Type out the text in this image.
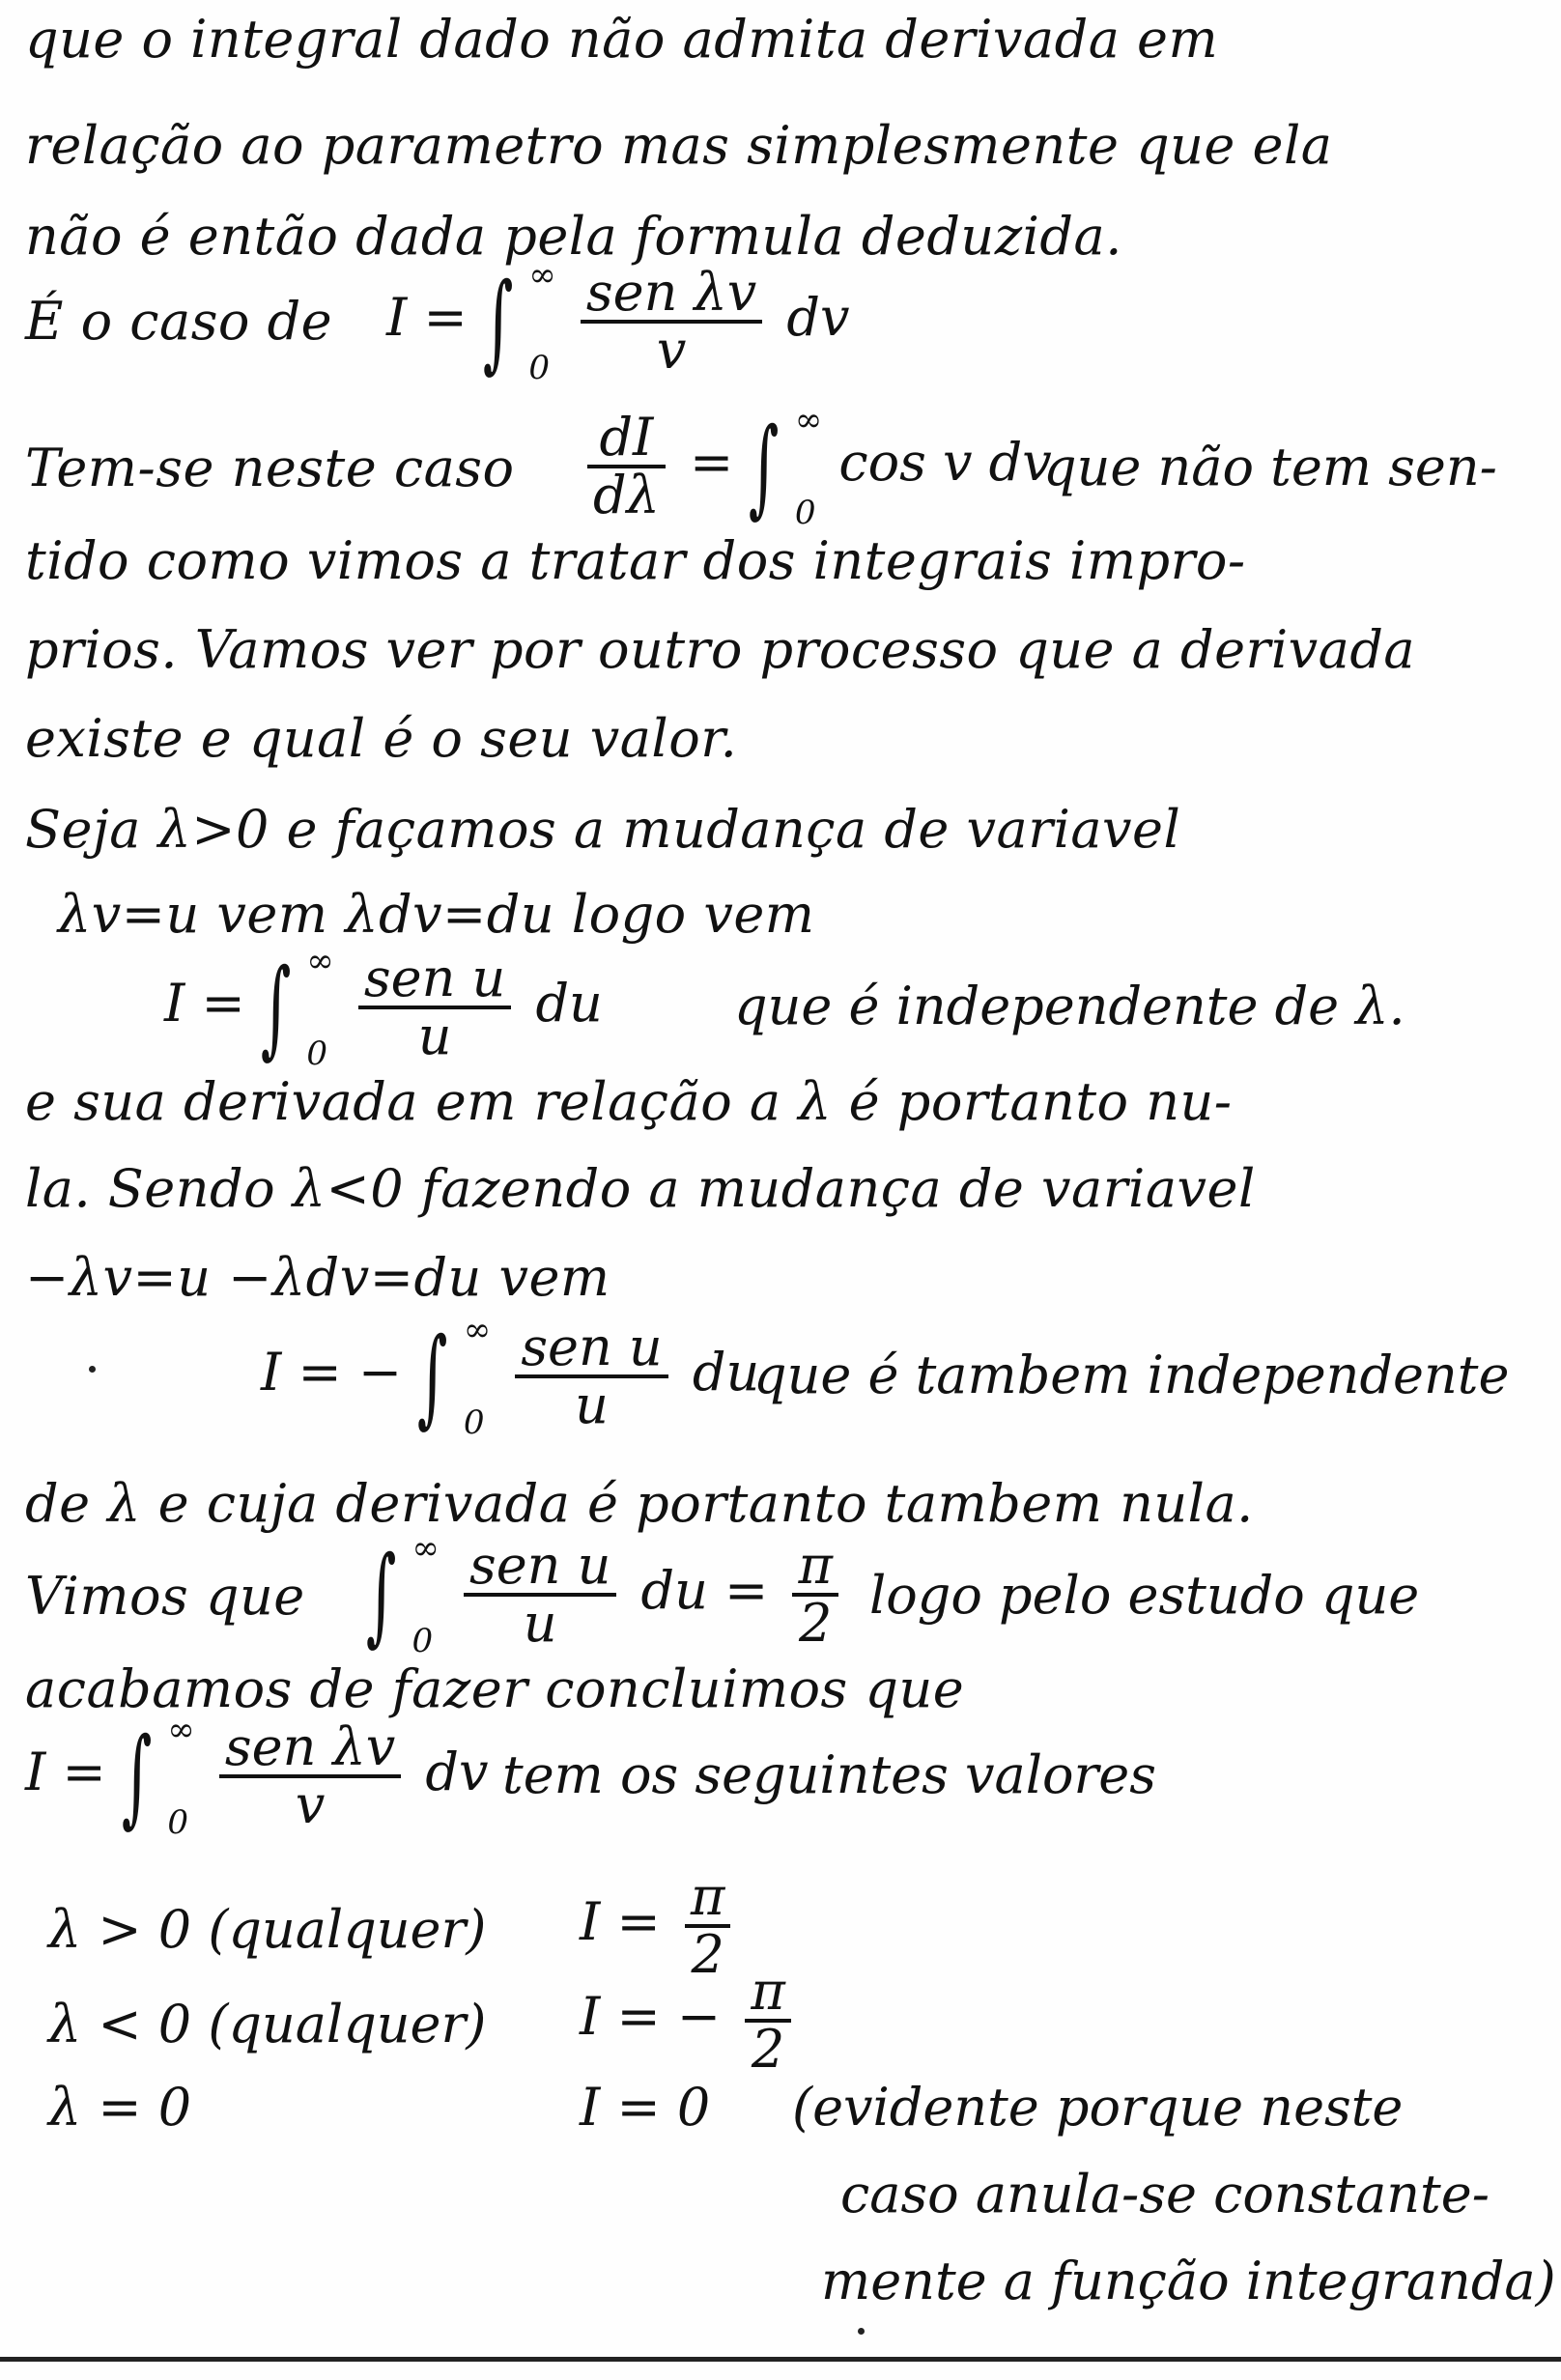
que o integral dado não admita derivada em
relação ao parametro mas simplesmente que ela
não é então dada pela formula deduzida.
É o caso de	I = ∫ ∞
0
$\frac{\text{sen λv}}{v}$ dv
Tem-se neste caso	$\frac{dI}{d\lambda}$ = ∫ ∞
0
cos v dv
que não tem sen-
tido como vimos a tratar dos integrais impro-
prios. Vamos ver por outro processo que a derivada
existe e qual é o seu valor.
Seja λ>0 e façamos a mudança de variavel
λv=u vem λdv=du logo vem
I = ∫ ∞
0
$\frac{\text{sen u}}{u}$ du	que é independente de λ.
e sua derivada em relação a λ é portanto nu-
la. Sendo λ<0 fazendo a mudança de variavel
−λv=u −λdv=du vem
I = − ∫ ∞
0
$\frac{\text{sen u}}{u}$ du
que é tambem independente
de λ e cuja derivada é portanto tambem nula.
Vimos que ∫ ∞
0
$\frac{\text{sen u}}{u}$ du = $\frac{\pi}{2}$ logo pelo estudo que
acabamos de fazer concluimos que
I = ∫ ∞
0
$\frac{\text{sen λv}}{v}$ dv tem os seguintes valores
λ > 0 (qualquer) $I = \frac{\pi}{2}$
λ < 0 (qualquer) I = − $\frac{\pi}{2}$
λ = 0	I = 0 (evidente porque neste
caso anula-se constante-
mente a função integranda)
